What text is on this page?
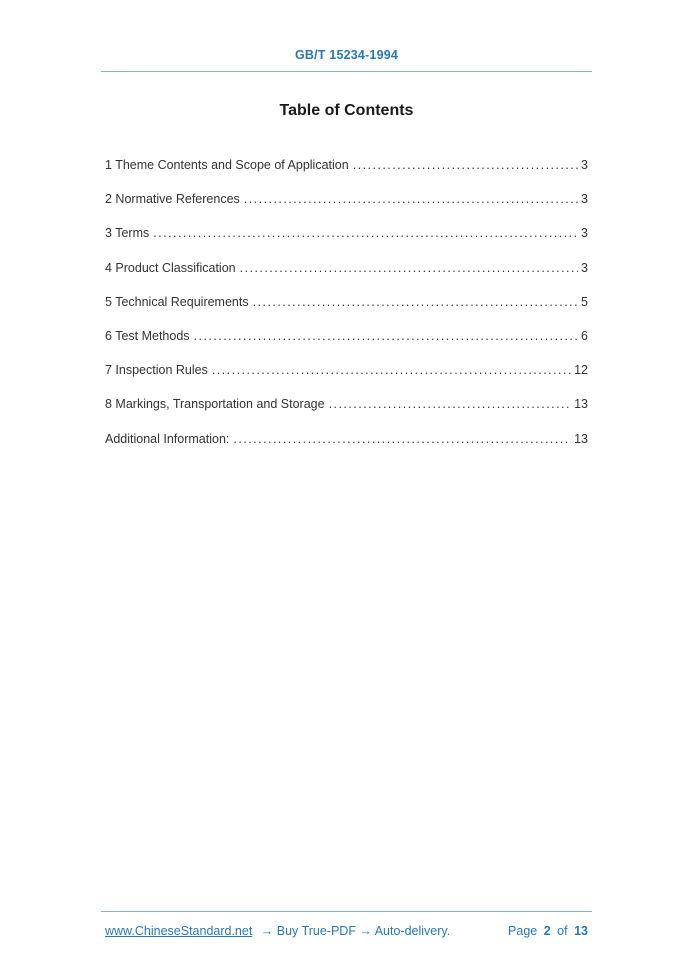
GB/T 15234-1994
Table of Contents
1 Theme Contents and Scope of Application . . .	3
2 Normative References . . .	3
3 Terms . . .	3
4 Product Classification . . .	3
5 Technical Requirements . . .	5
6 Test Methods . . .	6
7 Inspection Rules . . .	12
8 Markings, Transportation and Storage . . .	13
Additional Information: . . .	13
www.ChineseStandard.net → Buy True-PDF → Auto-delivery.	Page 2 of 13
